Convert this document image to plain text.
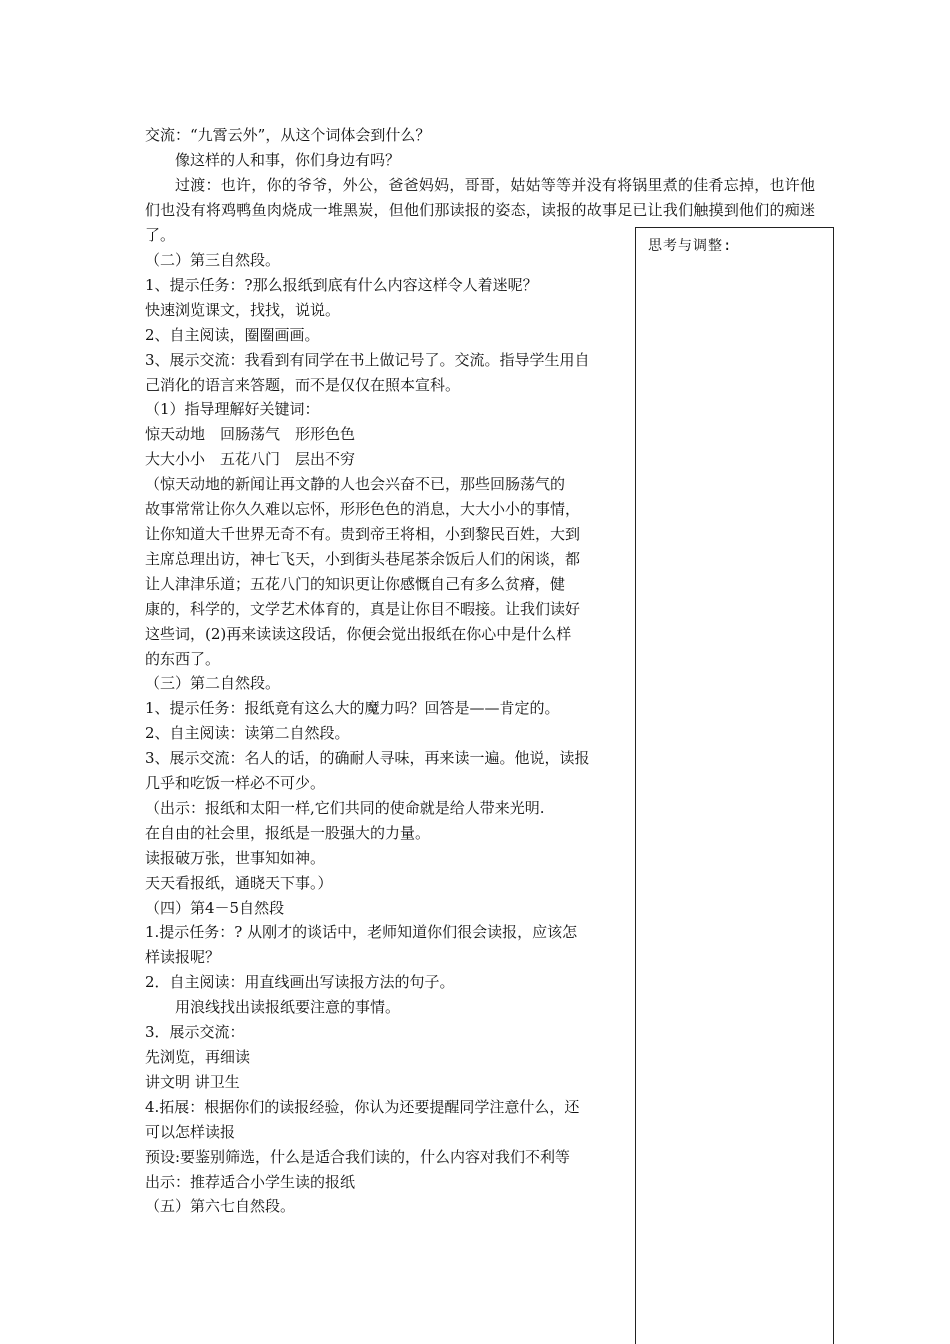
交流：“九霄云外”，从这个词体会到什么？
像这样的人和事，你们身边有吗？
过渡：也许，你的爷爷，外公，爸爸妈妈，哥哥，姑姑等等并没有将锅里煮的佳肴忘掉，也许他们也没有将鸡鸭鱼肉烧成一堆黑炭，但他们那读报的姿态，读报的故事足已让我们触摸到他们的痴迷了。
（二）第三自然段。
1、提示任务：?那么报纸到底有什么内容这样令人着迷呢？
快速浏览课文，找找，说说。
2、自主阅读，圈圈画画。
3、展示交流：我看到有同学在书上做记号了。交流。指导学生用自
己消化的语言来答题，而不是仅仅在照本宣科。
（1）指导理解好关键词：
惊天动地　回肠荡气　形形色色
大大小小　五花八门　层出不穷
（惊天动地的新闻让再文静的人也会兴奋不已，那些回肠荡气的
故事常常让你久久难以忘怀，形形色色的消息，大大小小的事情，
让你知道大千世界无奇不有。贵到帝王将相，小到黎民百姓，大到
主席总理出访，神七飞天，小到街头巷尾茶余饭后人们的闲谈，都
让人津津乐道；五花八门的知识更让你感慨自己有多么贫瘠，健
康的，科学的，文学艺术体育的，真是让你目不暇接。让我们读好
这些词，(2)再来读读这段话，你便会觉出报纸在你心中是什么样
的东西了。
（三）第二自然段。
1、提示任务：报纸竟有这么大的魔力吗？回答是——肯定的。
2、自主阅读：读第二自然段。
3、展示交流：名人的话，的确耐人寻味，再来读一遍。他说，读报
几乎和吃饭一样必不可少。
（出示：报纸和太阳一样,它们共同的使命就是给人带来光明.
在自由的社会里，报纸是一股强大的力量。
读报破万张，世事知如神。
天天看报纸，通晓天下事。）
（四）第4－5自然段
1.提示任务：? 从刚才的谈话中，老师知道你们很会读报，应该怎
样读报呢？
2．自主阅读：用直线画出写读报方法的句子。
　　用浪线找出读报纸要注意的事情。
3．展示交流：
先浏览，再细读
讲文明 讲卫生
4.拓展：根据你们的读报经验，你认为还要提醒同学注意什么，还
可以怎样读报
预设:要鉴别筛选，什么是适合我们读的，什么内容对我们不利等
出示：推荐适合小学生读的报纸
（五）第六七自然段。
思考与调整:
